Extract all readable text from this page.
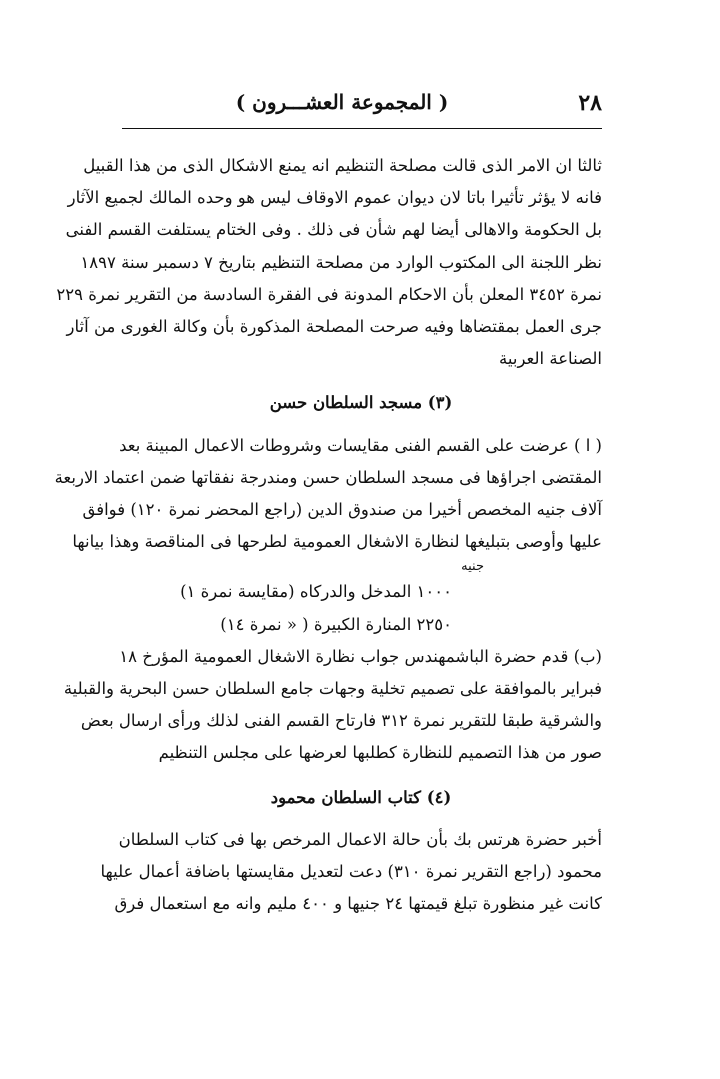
٢٨
( المجموعة العشـــرون )
ثالثا ان الامر الذى قالت مصلحة التنظيم انه يمنع الاشكال الذى من هذا القبيل
فانه لا يؤثر تأثيرا باتا لان ديوان عموم الاوقاف ليس هو وحده المالك لجميع الآثار
بل الحكومة والاهالى أيضا لهم شأن فى ذلك . وفى الختام يستلفت القسم الفنى
نظر اللجنة الى المكتوب الوارد من مصلحة التنظيم بتاريخ ٧ دسمبر سنة ١٨٩٧
نمرة ٣٤٥٢ المعلن بأن الاحكام المدونة فى الفقرة السادسة من التقرير نمرة ٢٢٩
جرى العمل بمقتضاها وفيه صرحت المصلحة المذكورة بأن وكالة الغورى من آثار
الصناعة العربية
(٣) مسجد السلطان حسن
( ا ) عرضت على القسم الفنى مقايسات وشروطات الاعمال المبينة بعد
المقتضى اجراؤها فى مسجد السلطان حسن ومندرجة نفقاتها ضمن اعتماد الاربعة
آلاف جنيه المخصص أخيرا من صندوق الدين (راجع المحضر نمرة ١٢٠) فوافق
عليها وأوصى بتبليغها لنظارة الاشغال العمومية لطرحها فى المناقصة وهذا بيانها
جنيه
١٠٠٠ المدخل والدركاه (مقايسة نمرة ١)
٢٢٥٠ المنارة الكبيرة ( « نمرة ١٤)
(ب) قدم حضرة الباشمهندس جواب نظارة الاشغال العمومية المؤرخ ١٨
فبراير بالموافقة على تصميم تخلية وجهات جامع السلطان حسن البحرية والقبلية
والشرقية طبقا للتقرير نمرة ٣١٢ فارتاح القسم الفنى لذلك ورأى ارسال بعض
صور من هذا التصميم للنظارة كطلبها لعرضها على مجلس التنظيم
(٤) كتاب السلطان محمود
أخبر حضرة هرتس بك بأن حالة الاعمال المرخص بها فى كتاب السلطان
محمود (راجع التقرير نمرة ٣١٠) دعت لتعديل مقايستها باضافة أعمال عليها
كانت غير منظورة تبلغ قيمتها ٢٤ جنيها و ٤٠٠ مليم وانه مع استعمال فرق
